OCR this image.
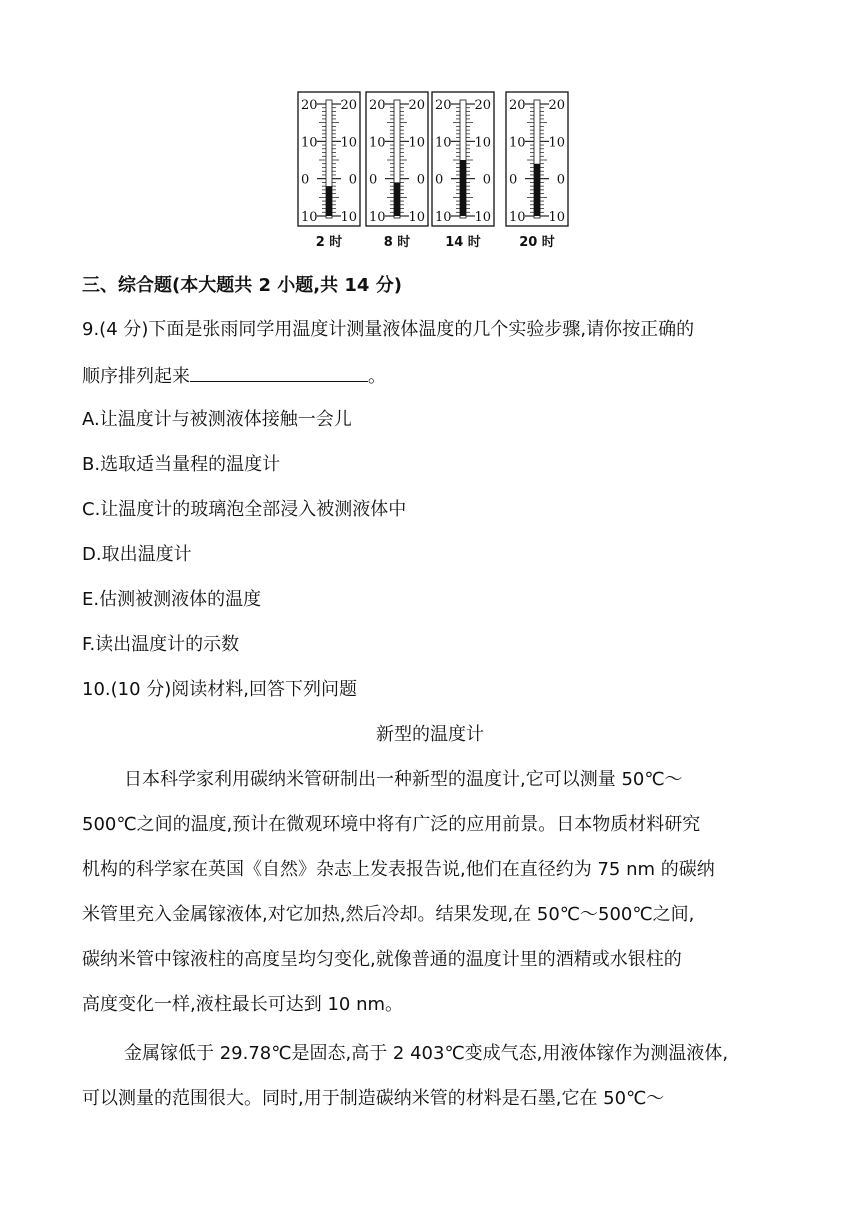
20 20
10 10
0	0
10 10
2 时
20 20
10 10
0	0
10 10
8 时
20 20
10 10
0	0
10 10
14 时
20 20
10 10
0	0
10 10
20 时
三、综合题(本大题共 2 小题,共 14 分)
9.(4 分)下面是张雨同学用温度计测量液体温度的几个实验步骤,请你按正确的
顺序排列起来	。
A.让温度计与被测液体接触一会儿
B.选取适当量程的温度计
C.让温度计的玻璃泡全部浸入被测液体中
D.取出温度计
E.估测被测液体的温度
F.读出温度计的示数
10.(10 分)阅读材料,回答下列问题
新型的温度计
日本科学家利用碳纳米管研制出一种新型的温度计,它可以测量 50℃～
500℃之间的温度,预计在微观环境中将有广泛的应用前景。日本物质材料研究
机构的科学家在英国《自然》杂志上发表报告说,他们在直径约为 75 nm 的碳纳
米管里充入金属镓液体,对它加热,然后冷却。结果发现,在 50℃～500℃之间,
碳纳米管中镓液柱的高度呈均匀变化,就像普通的温度计里的酒精或水银柱的
高度变化一样,液柱最长可达到 10 nm。
金属镓低于 29.78℃是固态,高于 2 403℃变成气态,用液体镓作为测温液体,
可以测量的范围很大。同时,用于制造碳纳米管的材料是石墨,它在 50℃～
